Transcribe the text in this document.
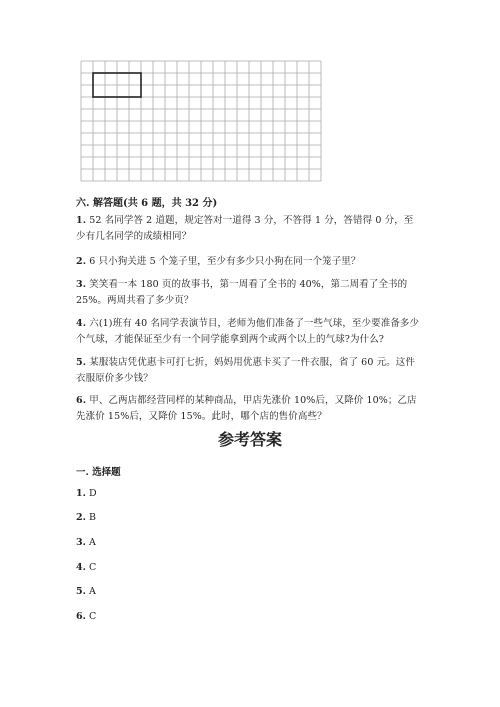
六. 解答题(共 6 题，共 32 分)
1. 52 名同学答 2 道题，规定答对一道得 3 分，不答得 1 分，答错得 0 分，至少有几名同学的成绩相同？
2. 6 只小狗关进 5 个笼子里，至少有多少只小狗在同一个笼子里？
3. 笑笑看一本 180 页的故事书，第一周看了全书的 40%，第二周看了全书的 25%。两周共看了多少页？
4. 六(1)班有 40 名同学表演节目，老师为他们准备了一些气球，至少要准备多少个气球，才能保证至少有一个同学能拿到两个或两个以上的气球?为什么?
5. 某服装店凭优惠卡可打七折，妈妈用优惠卡买了一件衣服，省了 60 元。这件衣服原价多少钱？
6. 甲、乙两店都经营同样的某种商品，甲店先涨价 10%后，又降价 10%；乙店先涨价 15%后，又降价 15%。此时，哪个店的售价高些？
参考答案
一. 选择题
1. D
2. B
3. A
4. C
5. A
6. C
